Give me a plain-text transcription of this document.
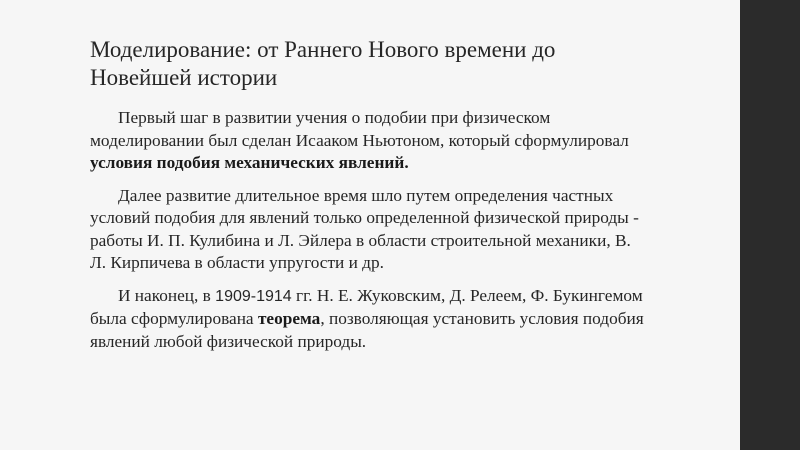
Моделирование: от Раннего Нового времени до Новейшей истории

Первый шаг в развитии учения о подобии при физическом моделировании был сделан Исааком Ньютоном, который сформулировал условия подобия механических явлений.

Далее развитие длительное время шло путем определения частных условий подобия для явлений только определенной физической природы - работы И. П. Кулибина и Л. Эйлера в области строительной механики, В. Л. Кирпичева в области упругости и др.

И наконец, в 1909-1914 гг. Н. Е. Жуковским, Д. Релеем, Ф. Букингемом была сформулирована теорема, позволяющая установить условия подобия явлений любой физической природы.
